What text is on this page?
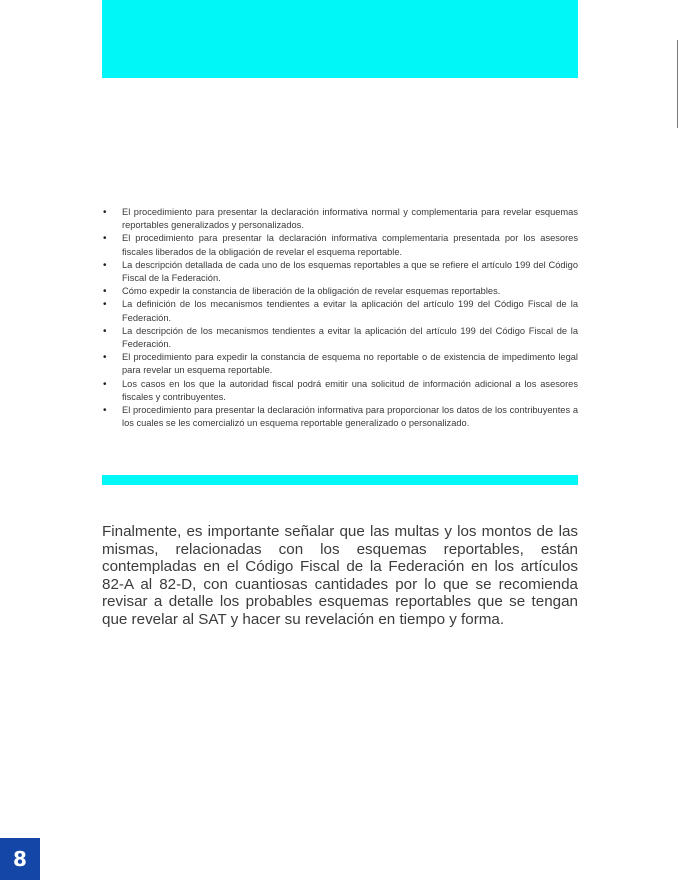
• El procedimiento para presentar la declaración informativa normal y complementaria para revelar esquemas reportables generalizados y personalizados.
• El procedimiento para presentar la declaración informativa complementaria presentada por los asesores fiscales liberados de la obligación de revelar el esquema reportable.
• La descripción detallada de cada uno de los esquemas reportables a que se refiere el artículo 199 del Código Fiscal de la Federación.
• Cómo expedir la constancia de liberación de la obligación de revelar esquemas reportables.
• La definición de los mecanismos tendientes a evitar la aplicación del artículo 199 del Código Fiscal de la Federación.
• La descripción de los mecanismos tendientes a evitar la aplicación del artículo 199 del Código Fiscal de la Federación.
• El procedimiento para expedir la constancia de esquema no reportable o de existencia de impedimento legal para revelar un esquema reportable.
• Los casos en los que la autoridad fiscal podrá emitir una solicitud de información adicional a los asesores fiscales y contribuyentes.
• El procedimiento para presentar la declaración informativa para proporcionar los datos de los contribuyentes a los cuales se les comercializó un esquema reportable generalizado o personalizado.

Finalmente, es importante señalar que las multas y los montos de las mismas, relacionadas con los esquemas reportables, están contempladas en el Código Fiscal de la Federación en los artículos 82-A al 82-D, con cuantiosas cantidades por lo que se recomienda revisar a detalle los probables esquemas reportables que se tengan que revelar al SAT y hacer su revelación en tiempo y forma.

8
